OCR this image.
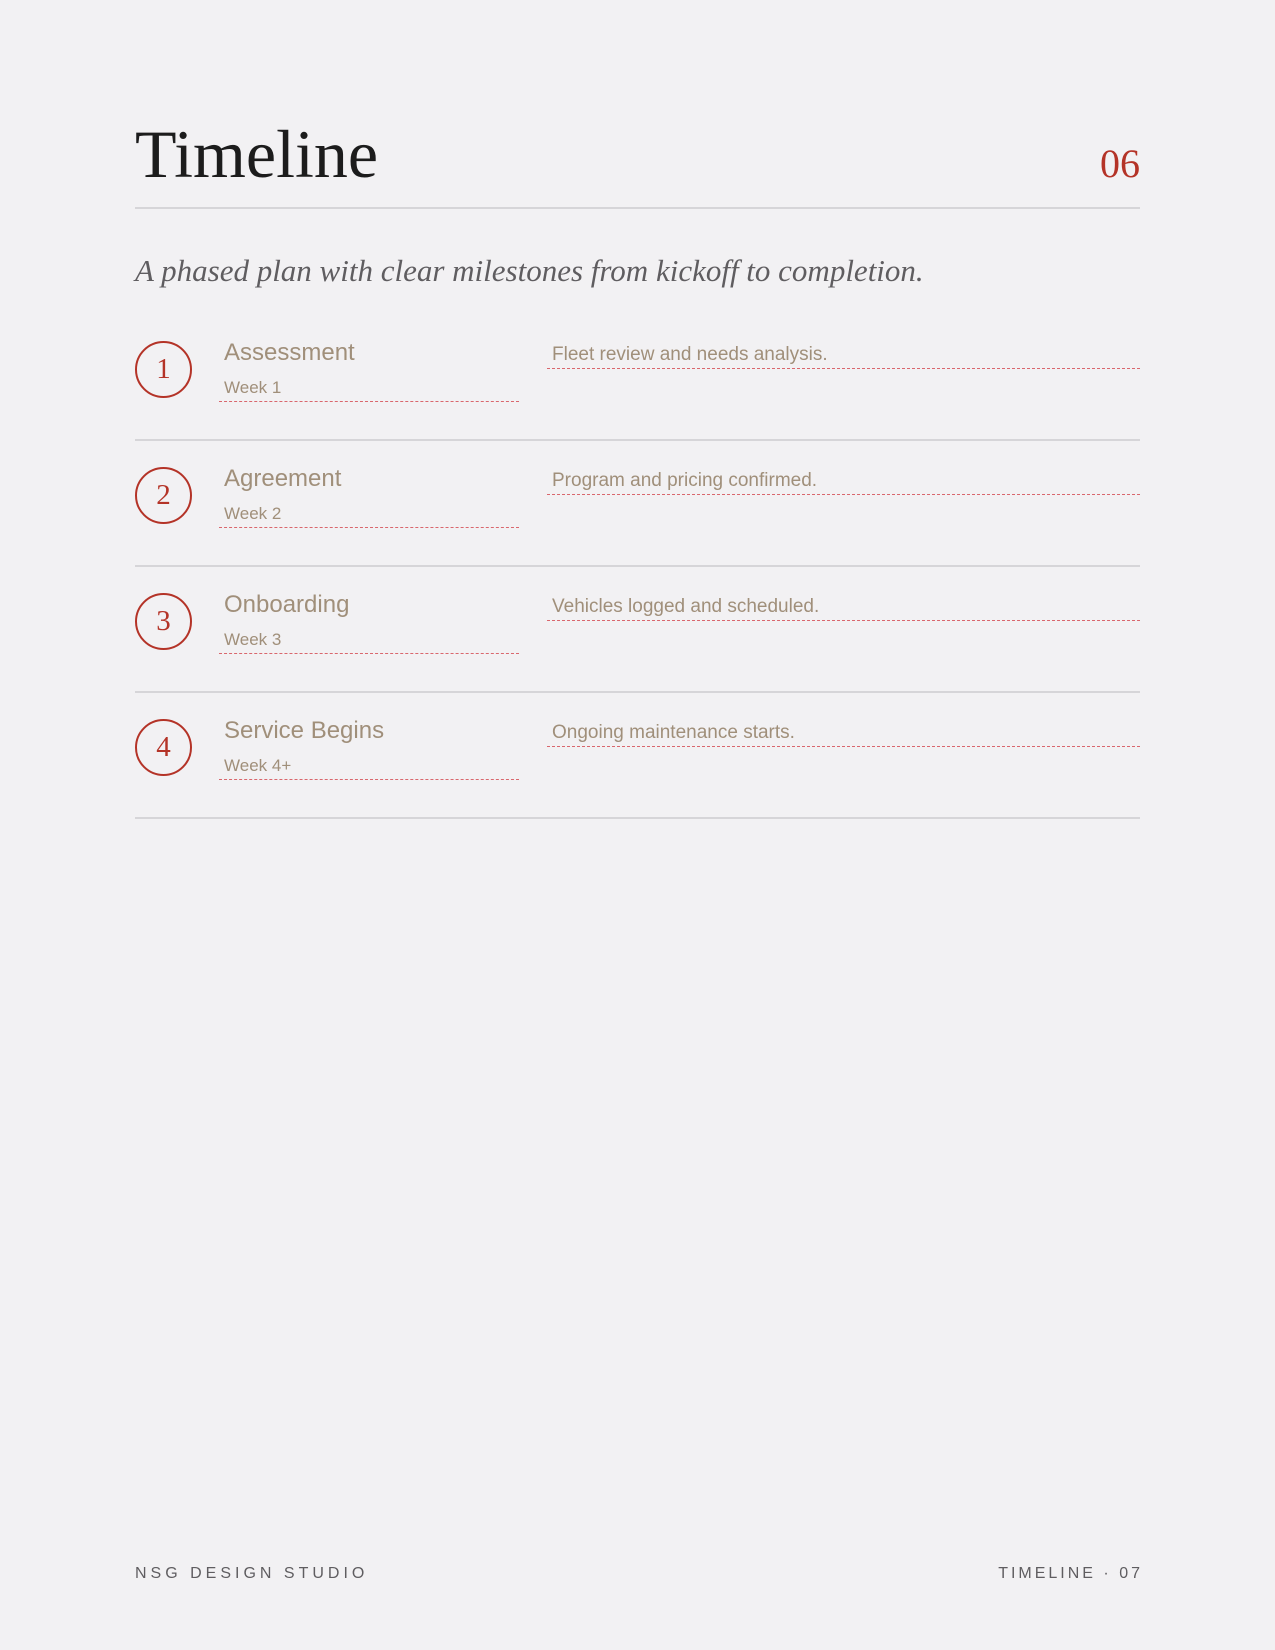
Timeline	06

A phased plan with clear milestones from kickoff to completion.

1
Assessment
Week 1
Fleet review and needs analysis.
2
Agreement
Week 2
Program and pricing confirmed.
3
Onboarding
Week 3
Vehicles logged and scheduled.
4
Service Begins
Week 4+
Ongoing maintenance starts.
NSG DESIGN STUDIO	TIMELINE · 07
